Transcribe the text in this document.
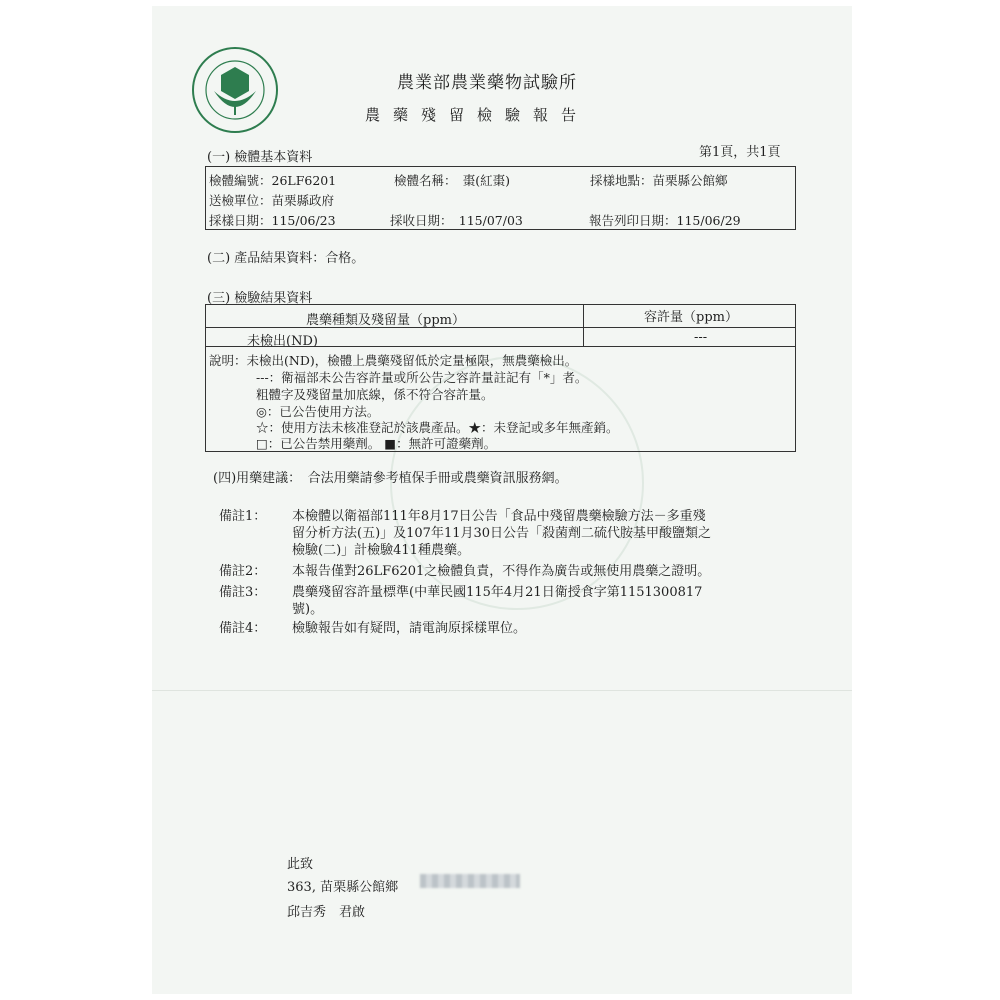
農業部農業藥物試驗所
農藥殘留檢驗報告
(一) 檢體基本資料	第1頁，共1頁
檢體編號：26LF6201	檢體名稱：　棗(紅棗)	採樣地點：苗栗縣公館鄉
送檢單位：苗栗縣政府
採樣日期：115/06/23	採收日期：　115/07/03	報告列印日期：115/06/29
(二) 產品結果資料：合格。
(三) 檢驗結果資料
農藥種類及殘留量（ppm）	容許量（ppm）
未檢出(ND)	---
說明：未檢出(ND)，檢體上農藥殘留低於定量極限，無農藥檢出。
---：衛福部未公告容許量或所公告之容許量註記有「*」者。
粗體字及殘留量加底線，係不符合容許量。
◎：已公告使用方法。
☆：使用方法未核准登記於該農產品。★：未登記或多年無產銷。
□：已公告禁用藥劑。 ■：無許可證藥劑。
(四)用藥建議：　合法用藥請參考植保手冊或農藥資訊服務網。
備註1： 本檢體以衛福部111年8月17日公告「食品中殘留農藥檢驗方法－多重殘
留分析方法(五)」及107年11月30日公告「殺菌劑二硫代胺基甲酸鹽類之
檢驗(二)」計檢驗411種農藥。
備註2： 本報告僅對26LF6201之檢體負責，不得作為廣告或無使用農藥之證明。
備註3： 農藥殘留容許量標準(中華民國115年4月21日衛授食字第1151300817
號)。
備註4： 檢驗報告如有疑問，請電詢原採樣單位。
此致
363, 苗栗縣公館鄉
邱吉秀　君啟
